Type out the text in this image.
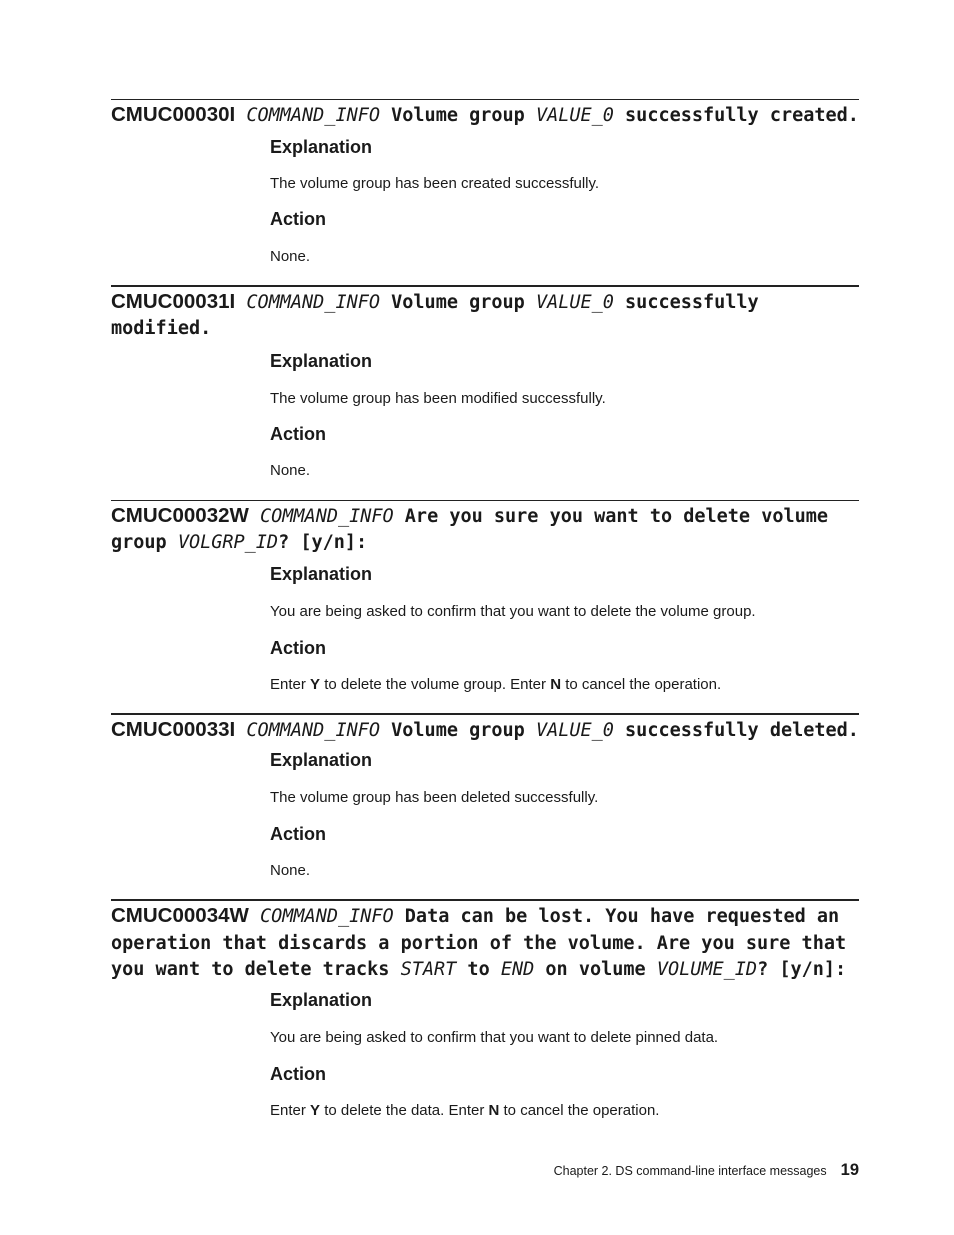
CMUC00030I COMMAND_INFO Volume group VALUE_0 successfully created.
Explanation

The volume group has been created successfully.

Action

None.

CMUC00031I COMMAND_INFO Volume group VALUE_0 successfully
modified.
Explanation

The volume group has been modified successfully.

Action

None.

CMUC00032W COMMAND_INFO Are you sure you want to delete volume
group VOLGRP_ID? [y/n]:
Explanation

You are being asked to confirm that you want to delete the volume group.

Action

Enter Y to delete the volume group. Enter N to cancel the operation.

CMUC00033I COMMAND_INFO Volume group VALUE_0 successfully deleted.
Explanation

The volume group has been deleted successfully.

Action

None.

CMUC00034W COMMAND_INFO Data can be lost. You have requested an
operation that discards a portion of the volume. Are you sure that
you want to delete tracks START to END on volume VOLUME_ID? [y/n]:
Explanation

You are being asked to confirm that you want to delete pinned data.

Action

Enter Y to delete the data. Enter N to cancel the operation.

Chapter 2. DS command-line interface messages 19
